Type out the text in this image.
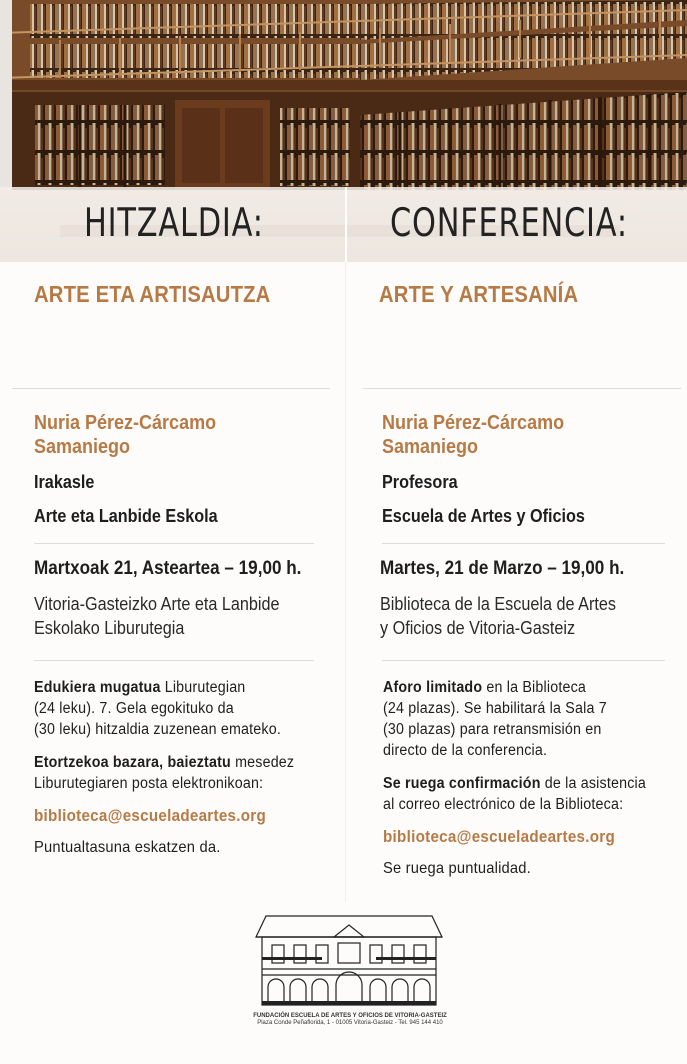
HITZALDIA:	CONFERENCIA:
ARTE ETA ARTISAUTZA
Nuria Pérez-Cárcamo
Samaniego
Irakasle
Arte eta Lanbide Eskola
Martxoak 21, Asteartea – 19,00 h.
Vitoria-Gasteizko Arte eta Lanbide
Eskolako Liburutegia
Edukiera mugatua Liburutegian
(24 leku). 7. Gela egokituko da
(30 leku) hitzaldia zuzenean emateko.
Etortzekoa bazara, baieztatu mesedez
Liburutegiaren posta elektronikoan:
biblioteca@escueladeartes.org
Puntualtasuna eskatzen da.
ARTE Y ARTESANÍA
Nuria Pérez-Cárcamo
Samaniego
Profesora
Escuela de Artes y Oficios
Martes, 21 de Marzo – 19,00 h.
Biblioteca de la Escuela de Artes
y Oficios de Vitoria-Gasteiz
Aforo limitado en la Biblioteca
(24 plazas). Se habilitará la Sala 7
(30 plazas) para retransmisión en
directo de la conferencia.
Se ruega confirmación de la asistencia
al correo electrónico de la Biblioteca:
biblioteca@escueladeartes.org
Se ruega puntualidad.
FUNDACIÓN ESCUELA DE ARTES Y OFICIOS DE VITORIA-GASTEIZ
Plaza Conde Peñaflorida, 1 - 01005 Vitoria-Gasteiz - Tel. 945 144 410
